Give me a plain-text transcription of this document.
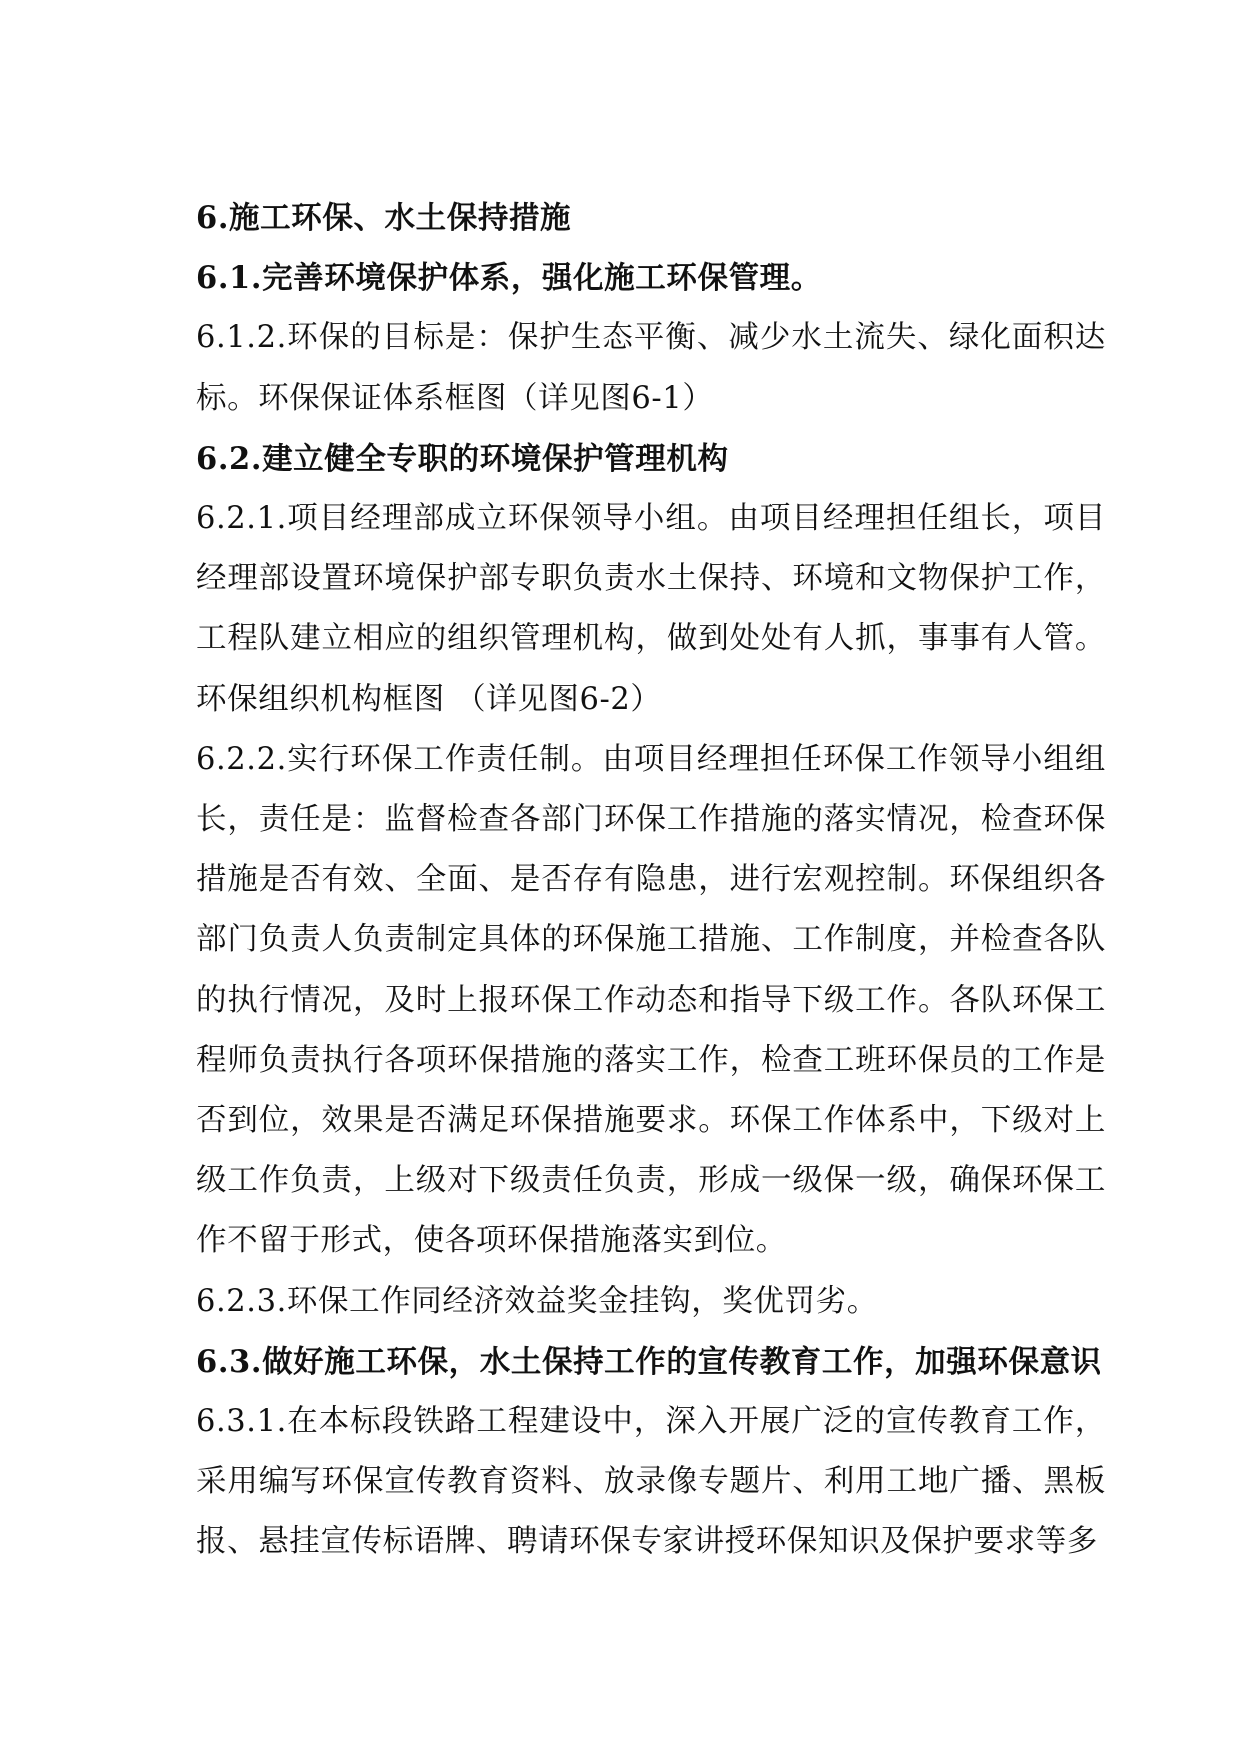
6.施工环保、水土保持措施
6.1.完善环境保护体系，强化施工环保管理。

6.1.2.环保的目标是：保护生态平衡、减少水土流失、绿化面积达标。环保保证体系框图（详见图6-1）

6.2.建立健全专职的环境保护管理机构

6.2.1.项目经理部成立环保领导小组。由项目经理担任组长，项目经理部设置环境保护部专职负责水土保持、环境和文物保护工作，工程队建立相应的组织管理机构，做到处处有人抓，事事有人管。环保组织机构框图 （详见图6-2）

6.2.2.实行环保工作责任制。由项目经理担任环保工作领导小组组长，责任是：监督检查各部门环保工作措施的落实情况，检查环保措施是否有效、全面、是否存有隐患，进行宏观控制。环保组织各部门负责人负责制定具体的环保施工措施、工作制度，并检查各队的执行情况，及时上报环保工作动态和指导下级工作。各队环保工程师负责执行各项环保措施的落实工作，检查工班环保员的工作是否到位，效果是否满足环保措施要求。环保工作体系中，下级对上级工作负责，上级对下级责任负责，形成一级保一级，确保环保工作不留于形式，使各项环保措施落实到位。

6.2.3.环保工作同经济效益奖金挂钩，奖优罚劣。

6.3.做好施工环保，水土保持工作的宣传教育工作，加强环保意识

6.3.1.在本标段铁路工程建设中，深入开展广泛的宣传教育工作，采用编写环保宣传教育资料、放录像专题片、利用工地广播、黑板报、悬挂宣传标语牌、聘请环保专家讲授环保知识及保护要求等多
